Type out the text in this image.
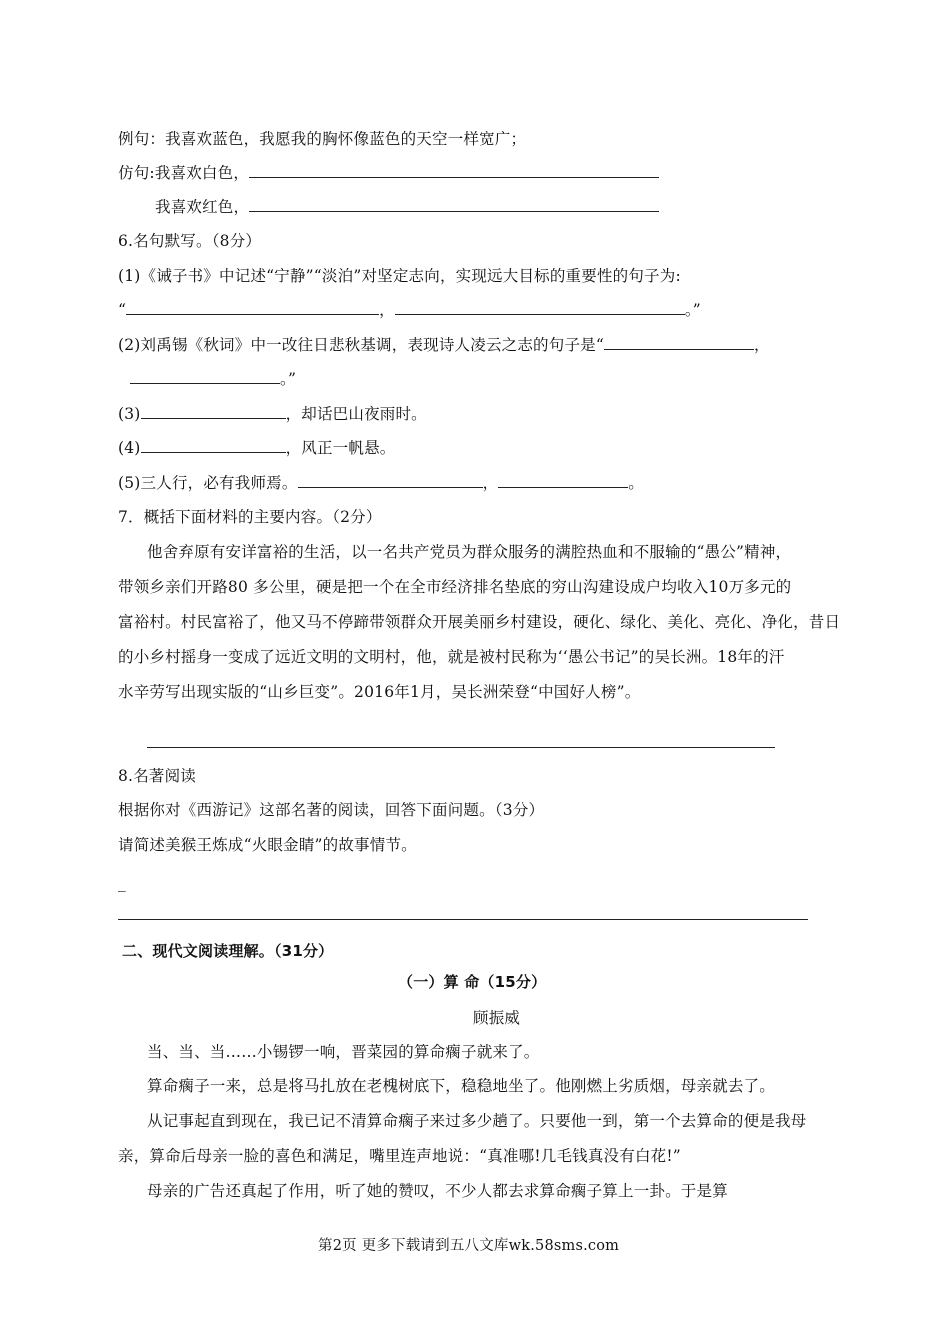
例句：我喜欢蓝色，我愿我的胸怀像蓝色的天空一样宽广；
仿句:我喜欢白色，
我喜欢红色，
6.名句默写。（8分）
(1)《诫子书》中记述“宁静”“淡泊”对坚定志向，实现远大目标的重要性的句子为:
“	，	。”
(2)刘禹锡《秋词》中一改往日悲秋基调，表现诗人凌云之志的句子是“	，
。”
(3)	，却话巴山夜雨时。
(4)	，风正一帆悬。
(5)三人行，必有我师焉。	，	。
7．概括下面材料的主要内容。（2分）
他舍弃原有安详富裕的生活，以一名共产党员为群众服务的满腔热血和不服输的“愚公”精神，
带领乡亲们开路80 多公里，硬是把一个在全市经济排名垫底的穷山沟建设成户均收入10万多元的
富裕村。村民富裕了，他又马不停蹄带领群众开展美丽乡村建设，硬化、绿化、美化、亮化、净化，昔日
的小乡村摇身一变成了远近文明的文明村，他，就是被村民称为‘‘愚公书记”的吴长洲。18年的汗
水辛劳写出现实版的“山乡巨变”。2016年1月，吴长洲荣登“中国好人榜”。
8.名著阅读
根据你对《西游记》这部名著的阅读，回答下面问题。（3分）
请简述美猴王炼成“火眼金睛”的故事情节。
_
二、现代文阅读理解。（31分）
（一）算 命（15分）
顾振威
当、当、当……小锡锣一响，晋菜园的算命瘸子就来了。
算命瘸子一来，总是将马扎放在老槐树底下，稳稳地坐了。他刚燃上劣质烟，母亲就去了。
从记事起直到现在，我已记不清算命瘸子来过多少趟了。只要他一到，第一个去算命的便是我母
亲，算命后母亲一脸的喜色和满足，嘴里连声地说：“真准哪!几毛钱真没有白花!”
母亲的广告还真起了作用，听了她的赞叹，不少人都去求算命瘸子算上一卦。于是算
第2页 更多下载请到五八文库wk.58sms.com
